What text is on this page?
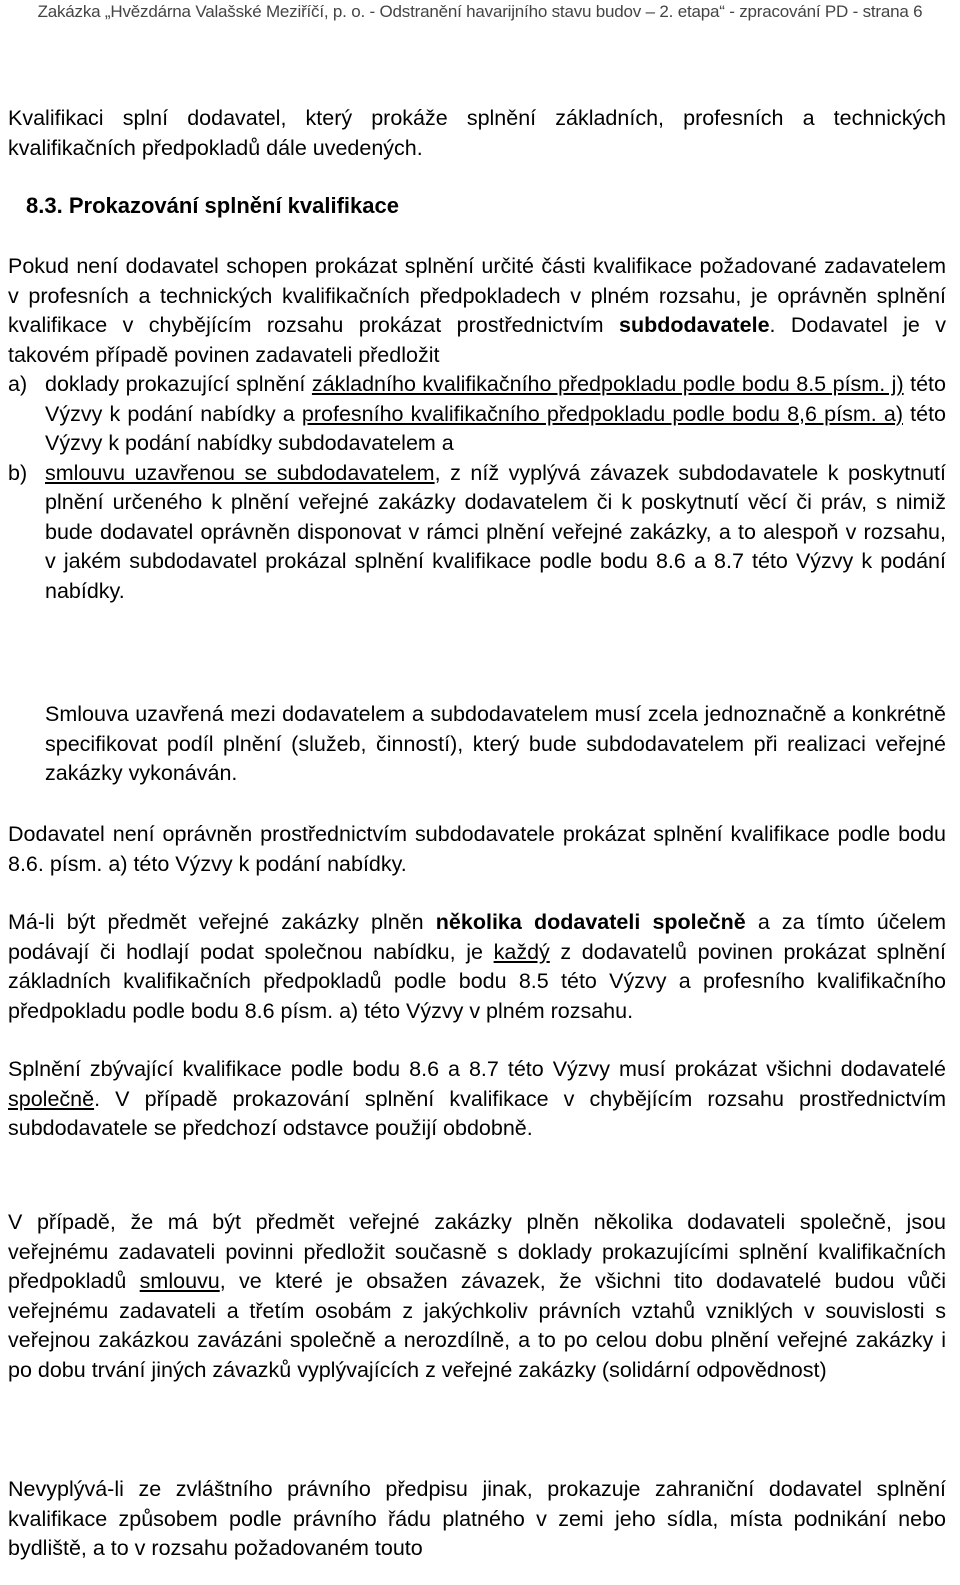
Zakázka „Hvězdárna Valašské Meziříčí, p. o. - Odstranění havarijního stavu budov – 2. etapa“ - zpracování PD - strana 6
Kvalifikaci splní dodavatel, který prokáže splnění základních, profesních a technických kvalifikačních předpokladů dále uvedených.
8.3. Prokazování splnění kvalifikace
Pokud není dodavatel schopen prokázat splnění určité části kvalifikace požadované zadavatelem v profesních a technických kvalifikačních předpokladech v plném rozsahu, je oprávněn splnění kvalifikace v chybějícím rozsahu prokázat prostřednictvím subdodavatele. Dodavatel je v takovém případě povinen zadavateli předložit
a) doklady prokazující splnění základního kvalifikačního předpokladu podle bodu 8.5 písm. j) této Výzvy k podání nabídky a profesního kvalifikačního předpokladu podle bodu 8,6 písm. a) této Výzvy k podání nabídky subdodavatelem a
b) smlouvu uzavřenou se subdodavatelem, z níž vyplývá závazek subdodavatele k poskytnutí plnění určeného k plnění veřejné zakázky dodavatelem či k poskytnutí věcí či práv, s nimiž bude dodavatel oprávněn disponovat v rámci plnění veřejné zakázky, a to alespoň v rozsahu, v jakém subdodavatel prokázal splnění kvalifikace podle bodu 8.6 a 8.7 této Výzvy k podání nabídky.
Smlouva uzavřená mezi dodavatelem a subdodavatelem musí zcela jednoznačně a konkrétně specifikovat podíl plnění (služeb, činností), který bude subdodavatelem při realizaci veřejné zakázky vykonáván.
Dodavatel není oprávněn prostřednictvím subdodavatele prokázat splnění kvalifikace podle bodu 8.6. písm. a) této Výzvy k podání nabídky.
Má-li být předmět veřejné zakázky plněn několika dodavateli společně a za tímto účelem podávají či hodlají podat společnou nabídku, je každý z dodavatelů povinen prokázat splnění základních kvalifikačních předpokladů podle bodu 8.5 této Výzvy a profesního kvalifikačního předpokladu podle bodu 8.6 písm. a) této Výzvy v plném rozsahu.
Splnění zbývající kvalifikace podle bodu 8.6 a 8.7 této Výzvy musí prokázat všichni dodavatelé společně. V případě prokazování splnění kvalifikace v chybějícím rozsahu prostřednictvím subdodavatele se předchozí odstavce použijí obdobně.
V případě, že má být předmět veřejné zakázky plněn několika dodavateli společně, jsou veřejnému zadavateli povinni předložit současně s doklady prokazujícími splnění kvalifikačních předpokladů smlouvu, ve které je obsažen závazek, že všichni tito dodavatelé budou vůči veřejnému zadavateli a třetím osobám z jakýchkoliv právních vztahů vzniklých v souvislosti s veřejnou zakázkou zavázáni společně a nerozdílně, a to po celou dobu plnění veřejné zakázky i po dobu trvání jiných závazků vyplývajících z veřejné zakázky (solidární odpovědnost)
Nevyplývá-li ze zvláštního právního předpisu jinak, prokazuje zahraniční dodavatel splnění kvalifikace způsobem podle právního řádu platného v zemi jeho sídla, místa podnikání nebo bydliště, a to v rozsahu požadovaném touto
